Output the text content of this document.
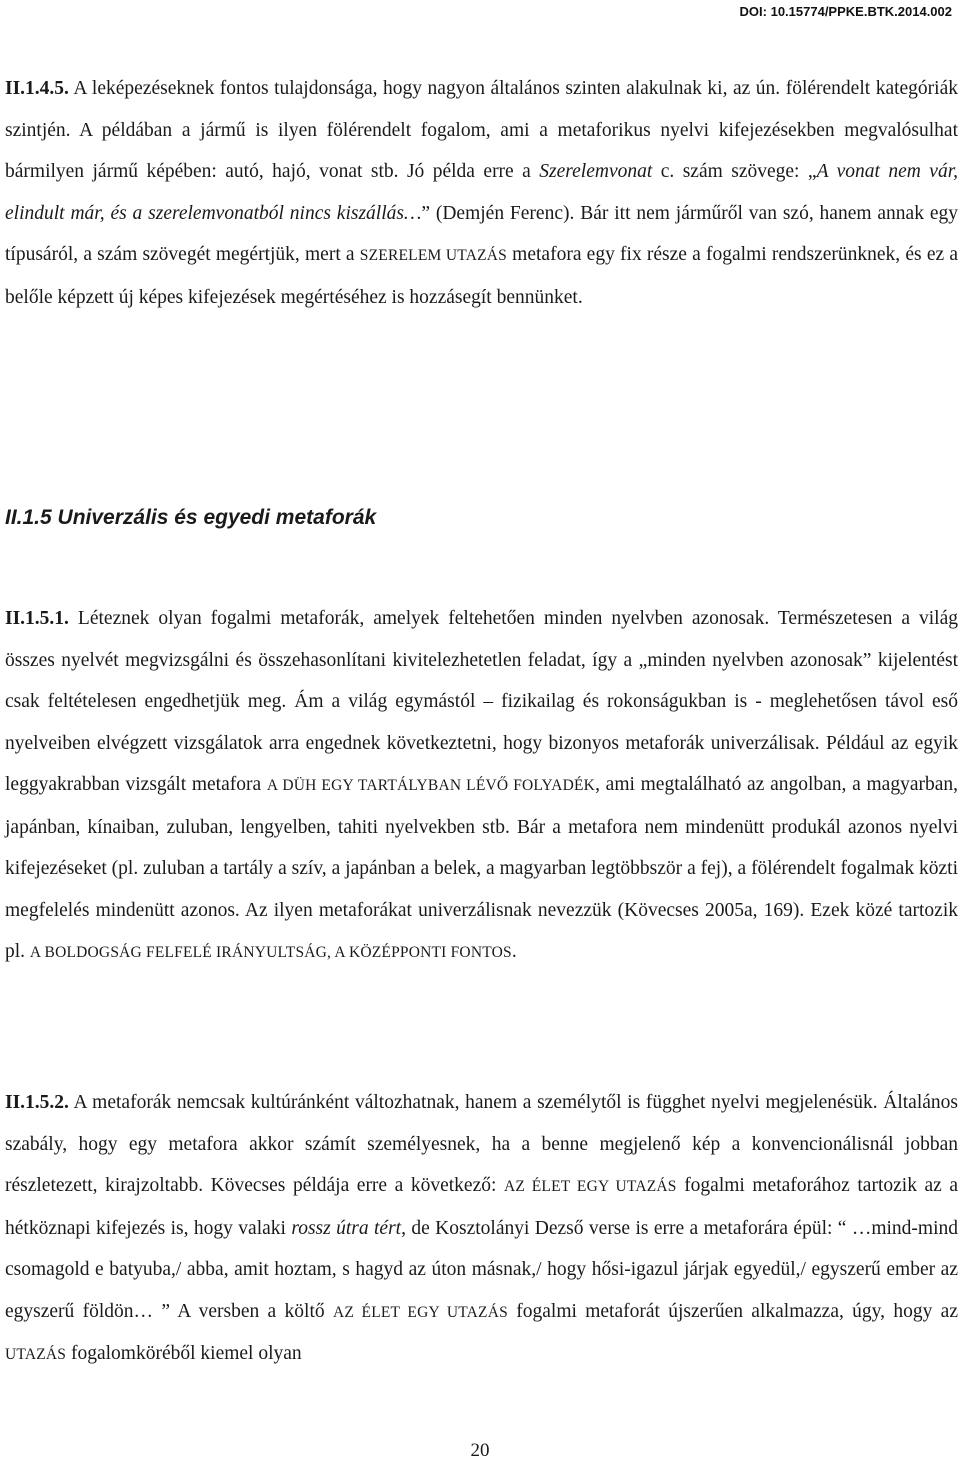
DOI: 10.15774/PPKE.BTK.2014.002

II.1.4.5. A leképezéseknek fontos tulajdonsága, hogy nagyon általános szinten alakulnak ki, az ún. fölérendelt kategóriák szintjén. A példában a jármű is ilyen fölérendelt fogalom, ami a metaforikus nyelvi kifejezésekben megvalósulhat bármilyen jármű képében: autó, hajó, vonat stb. Jó példa erre a Szerelemvonat c. szám szövege: „A vonat nem vár, elindult már, és a szerelemvonatból nincs kiszállás…” (Demjén Ferenc). Bár itt nem járműről van szó, hanem annak egy típusáról, a szám szövegét megértjük, mert a SZERELEM UTAZÁS metafora egy fix része a fogalmi rendszerünknek, és ez a belőle képzett új képes kifejezések megértéséhez is hozzásegít bennünket.

II.1.5 Univerzális és egyedi metaforák

II.1.5.1. Léteznek olyan fogalmi metaforák, amelyek feltehetően minden nyelvben azonosak. Természetesen a világ összes nyelvét megvizsgálni és összehasonlítani kivitelezhetetlen feladat, így a „minden nyelvben azonosak” kijelentést csak feltételesen engedhetjük meg. Ám a világ egymástól – fizikailag és rokonságukban is - meglehetősen távol eső nyelveiben elvégzett vizsgálatok arra engednek következtetni, hogy bizonyos metaforák univerzálisak. Például az egyik leggyakrabban vizsgált metafora A DÜH EGY TARTÁLYBAN LÉVŐ FOLYADÉK, ami megtalálható az angolban, a magyarban, japánban, kínaiban, zuluban, lengyelben, tahiti nyelvekben stb. Bár a metafora nem mindenütt produkál azonos nyelvi kifejezéseket (pl. zuluban a tartály a szív, a japánban a belek, a magyarban legtöbbször a fej), a fölérendelt fogalmak közti megfelelés mindenütt azonos. Az ilyen metaforákat univerzálisnak nevezzük (Kövecses 2005a, 169). Ezek közé tartozik pl. A BOLDOGSÁG FELFELÉ IRÁNYULTSÁG, A KÖZÉPPONTI FONTOS.

II.1.5.2. A metaforák nemcsak kultúránként változhatnak, hanem a személytől is függhet nyelvi megjelenésük. Általános szabály, hogy egy metafora akkor számít személyesnek, ha a benne megjelenő kép a konvencionálisnál jobban részletezett, kirajzoltabb. Kövecses példája erre a következő: AZ ÉLET EGY UTAZÁS fogalmi metaforához tartozik az a hétköznapi kifejezés is, hogy valaki rossz útra tért, de Kosztolányi Dezső verse is erre a metaforára épül: “ …mind-mind csomagold e batyuba,/ abba, amit hoztam, s hagyd az úton másnak,/ hogy hősi-igazul járjak egyedül,/ egyszerű ember az egyszerű földön… ” A versben a költő AZ ÉLET EGY UTAZÁS fogalmi metaforát újszerűen alkalmazza, úgy, hogy az UTAZÁS fogalomköréből kiemel olyan

20
